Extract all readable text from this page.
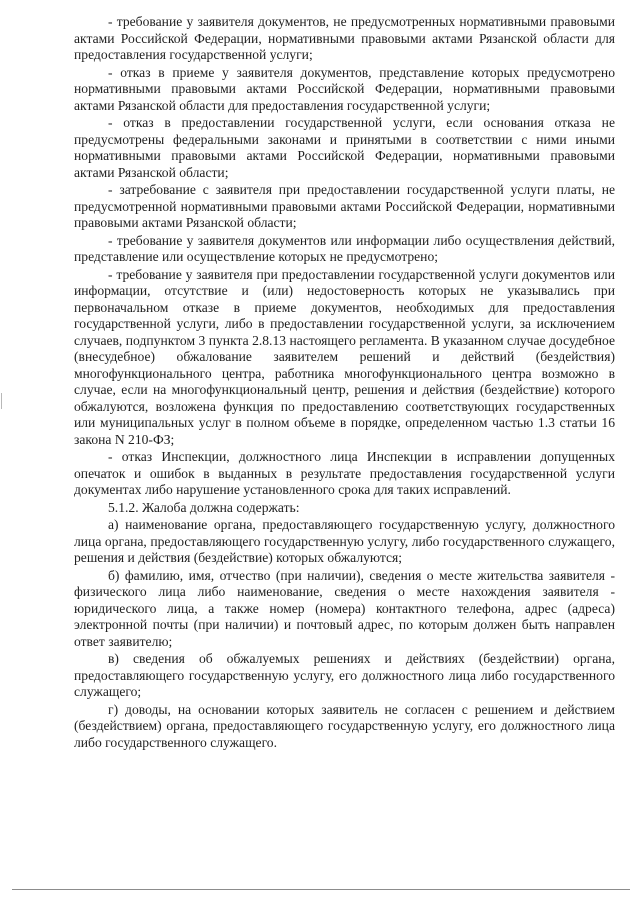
- требование у заявителя документов, не предусмотренных нормативными правовыми актами Российской Федерации, нормативными правовыми актами Рязанской области для предоставления государственной услуги;

- отказ в приеме у заявителя документов, представление которых предусмотрено нормативными правовыми актами Российской Федерации, нормативными правовыми актами Рязанской области для предоставления государственной услуги;

- отказ в предоставлении государственной услуги, если основания отказа не предусмотрены федеральными законами и принятыми в соответствии с ними иными нормативными правовыми актами Российской Федерации, нормативными правовыми актами Рязанской области;

- затребование с заявителя при предоставлении государственной услуги платы, не предусмотренной нормативными правовыми актами Российской Федерации, нормативными правовыми актами Рязанской области;

- требование у заявителя документов или информации либо осуществления действий, представление или осуществление которых не предусмотрено;

- требование у заявителя при предоставлении государственной услуги документов или информации, отсутствие и (или) недостоверность которых не указывались при первоначальном отказе в приеме документов, необходимых для предоставления государственной услуги, либо в предоставлении государственной услуги, за исключением случаев, подпунктом 3 пункта 2.8.13 настоящего регламента. В указанном случае досудебное (внесудебное) обжалование заявителем решений и действий (бездействия) многофункционального центра, работника многофункционального центра возможно в случае, если на многофункциональный центр, решения и действия (бездействие) которого обжалуются, возложена функция по предоставлению соответствующих государственных или муниципальных услуг в полном объеме в порядке, определенном частью 1.3 статьи 16 закона N 210-ФЗ;

- отказ Инспекции, должностного лица Инспекции в исправлении допущенных опечаток и ошибок в выданных в результате предоставления государственной услуги документах либо нарушение установленного срока для таких исправлений.

5.1.2. Жалоба должна содержать:

а) наименование органа, предоставляющего государственную услугу, должностного лица органа, предоставляющего государственную услугу, либо государственного служащего, решения и действия (бездействие) которых обжалуются;

б) фамилию, имя, отчество (при наличии), сведения о месте жительства заявителя - физического лица либо наименование, сведения о месте нахождения заявителя - юридического лица, а также номер (номера) контактного телефона, адрес (адреса) электронной почты (при наличии) и почтовый адрес, по которым должен быть направлен ответ заявителю;

в) сведения об обжалуемых решениях и действиях (бездействии) органа, предоставляющего государственную услугу, его должностного лица либо государственного служащего;

г) доводы, на основании которых заявитель не согласен с решением и действием (бездействием) органа, предоставляющего государственную услугу, его должностного лица либо государственного служащего.
